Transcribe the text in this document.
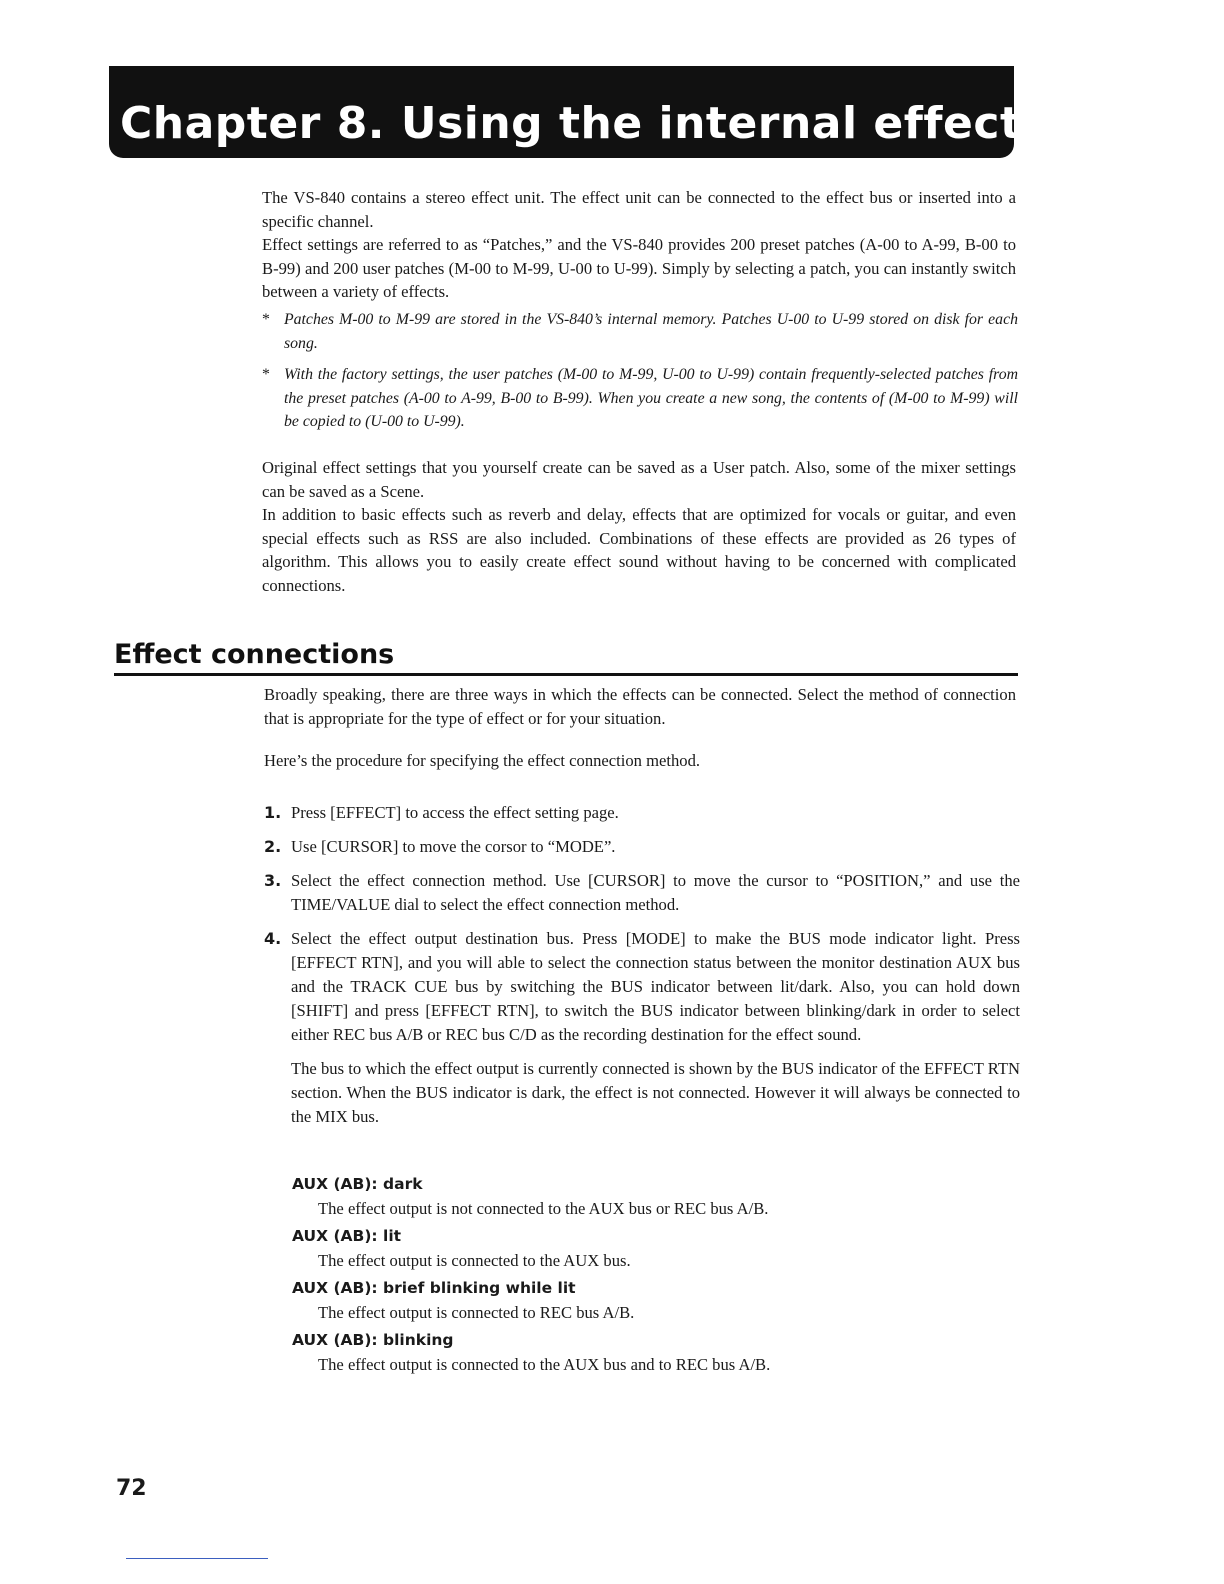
Chapter 8. Using the internal effects

The VS-840 contains a stereo effect unit. The effect unit can be connected to the effect bus or inserted into a specific channel.

Effect settings are referred to as “Patches,” and the VS-840 provides 200 preset patches (A-00 to A-99, B-00 to B-99) and 200 user patches (M-00 to M-99, U-00 to U-99). Simply by selecting a patch, you can instantly switch between a variety of effects.

* Patches M-00 to M-99 are stored in the VS-840’s internal memory. Patches U-00 to U-99 stored on disk for each song.
* With the factory settings, the user patches (M-00 to M-99, U-00 to U-99) contain frequently-selected patches from the preset patches (A-00 to A-99, B-00 to B-99). When you create a new song, the contents of (M-00 to M-99) will be copied to (U-00 to U-99).

Original effect settings that you yourself create can be saved as a User patch. Also, some of the mixer settings can be saved as a Scene.

In addition to basic effects such as reverb and delay, effects that are optimized for vocals or guitar, and even special effects such as RSS are also included. Combinations of these effects are provided as 26 types of algorithm. This allows you to easily create effect sound without having to be concerned with complicated connections.

Effect connections

Broadly speaking, there are three ways in which the effects can be connected. Select the method of connection that is appropriate for the type of effect or for your situation.

Here’s the procedure for specifying the effect connection method.

1. Press [EFFECT] to access the effect setting page.

2. Use [CURSOR] to move the corsor to “MODE”.

3. Select the effect connection method. Use [CURSOR] to move the cursor to “POSITION,” and use the TIME/VALUE dial to select the effect connection method.

4. Select the effect output destination bus. Press [MODE] to make the BUS mode indicator light. Press [EFFECT RTN], and you will able to select the connection status between the monitor destination AUX bus and the TRACK CUE bus by switching the BUS indicator between lit/dark. Also, you can hold down [SHIFT] and press [EFFECT RTN], to switch the BUS indicator between blinking/dark in order to select either REC bus A/B or REC bus C/D as the recording destination for the effect sound.

The bus to which the effect output is currently connected is shown by the BUS indicator of the EFFECT RTN section. When the BUS indicator is dark, the effect is not connected. However it will always be connected to the MIX bus.

AUX (AB): dark
The effect output is not connected to the AUX bus or REC bus A/B.
AUX (AB): lit
The effect output is connected to the AUX bus.
AUX (AB): brief blinking while lit
The effect output is connected to REC bus A/B.
AUX (AB): blinking
The effect output is connected to the AUX bus and to REC bus A/B.

72
